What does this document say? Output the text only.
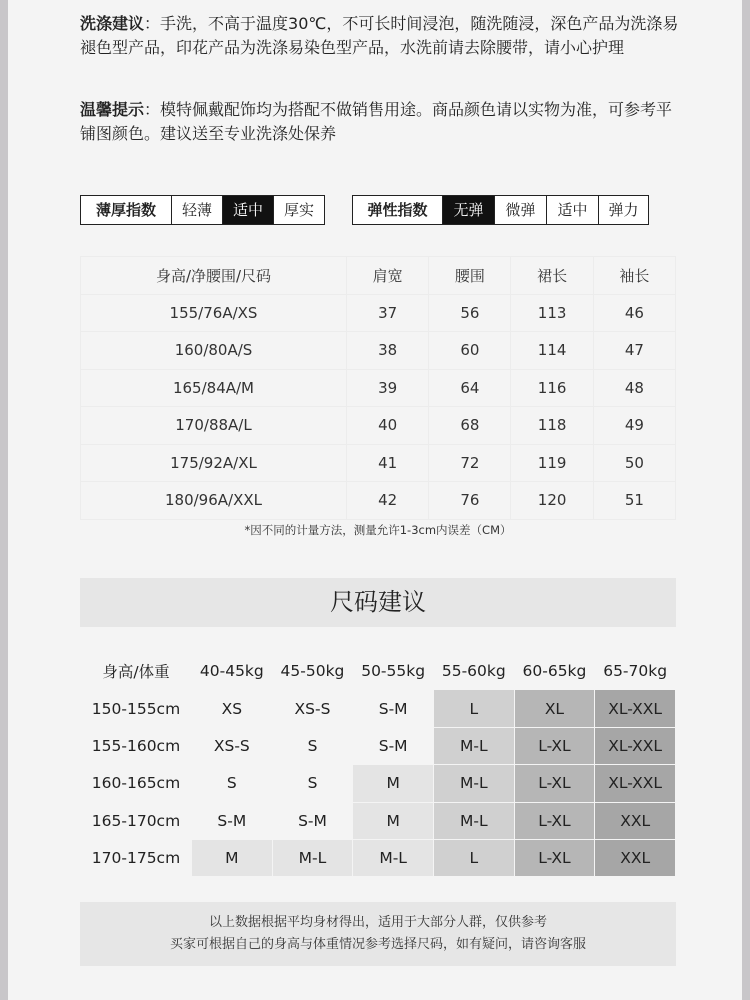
洗涤建议：手洗，不高于温度30℃，不可长时间浸泡，随洗随浸，深色产品为洗涤易褪色型产品，印花产品为洗涤易染色型产品，水洗前请去除腰带，请小心护理
温馨提示：模特佩戴配饰均为搭配不做销售用途。商品颜色请以实物为准，可参考平铺图颜色。建议送至专业洗涤处保养
薄厚指数	轻薄	适中	厚实	弹性指数	无弹	微弹	适中	弹力
身高/净腰围/尺码	肩宽	腰围	裙长	袖长
155/76A/XS	37	56	113	46
160/80A/S	38	60	114	47
165/84A/M	39	64	116	48
170/88A/L	40	68	118	49
175/92A/XL	41	72	119	50
180/96A/XXL	42	76	120	51
*因不同的计量方法，测量允许1-3cm内误差（CM）
尺码建议
身高/体重	40-45kg	45-50kg	50-55kg	55-60kg	60-65kg	65-70kg
150-155cm	XS	XS-S	S-M	L	XL	XL-XXL
155-160cm	XS-S	S	S-M	M-L	L-XL	XL-XXL
160-165cm	S	S	M	M-L	L-XL	XL-XXL
165-170cm	S-M	S-M	M	M-L	L-XL	XXL
170-175cm	M	M-L	M-L	L	L-XL	XXL
以上数据根据平均身材得出，适用于大部分人群，仅供参考
买家可根据自己的身高与体重情况参考选择尺码，如有疑问，请咨询客服
